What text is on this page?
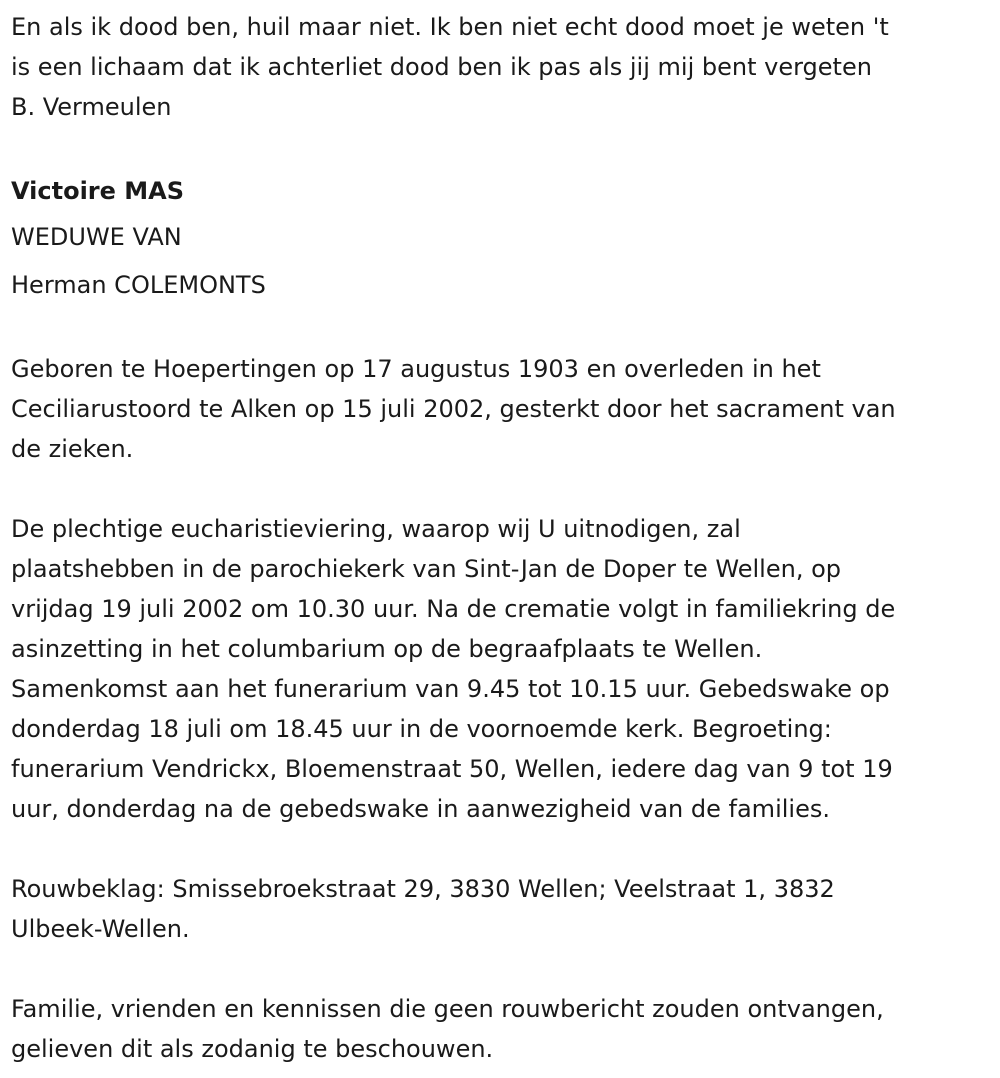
En als ik dood ben, huil maar niet. Ik ben niet echt dood moet je weten 't
is een lichaam dat ik achterliet dood ben ik pas als jij mij bent vergeten
B. Vermeulen
Victoire MAS
WEDUWE VAN
Herman COLEMONTS
Geboren te Hoepertingen op 17 augustus 1903 en overleden in het
Ceciliarustoord te Alken op 15 juli 2002, gesterkt door het sacrament van
de zieken.
De plechtige eucharistieviering, waarop wij U uitnodigen, zal
plaatshebben in de parochiekerk van Sint-Jan de Doper te Wellen, op
vrijdag 19 juli 2002 om 10.30 uur. Na de crematie volgt in familiekring de
asinzetting in het columbarium op de begraafplaats te Wellen.
Samenkomst aan het funerarium van 9.45 tot 10.15 uur. Gebedswake op
donderdag 18 juli om 18.45 uur in de voornoemde kerk. Begroeting:
funerarium Vendrickx, Bloemenstraat 50, Wellen, iedere dag van 9 tot 19
uur, donderdag na de gebedswake in aanwezigheid van de families.
Rouwbeklag: Smissebroekstraat 29, 3830 Wellen; Veelstraat 1, 3832
Ulbeek-Wellen.
Familie, vrienden en kennissen die geen rouwbericht zouden ontvangen,
gelieven dit als zodanig te beschouwen.
